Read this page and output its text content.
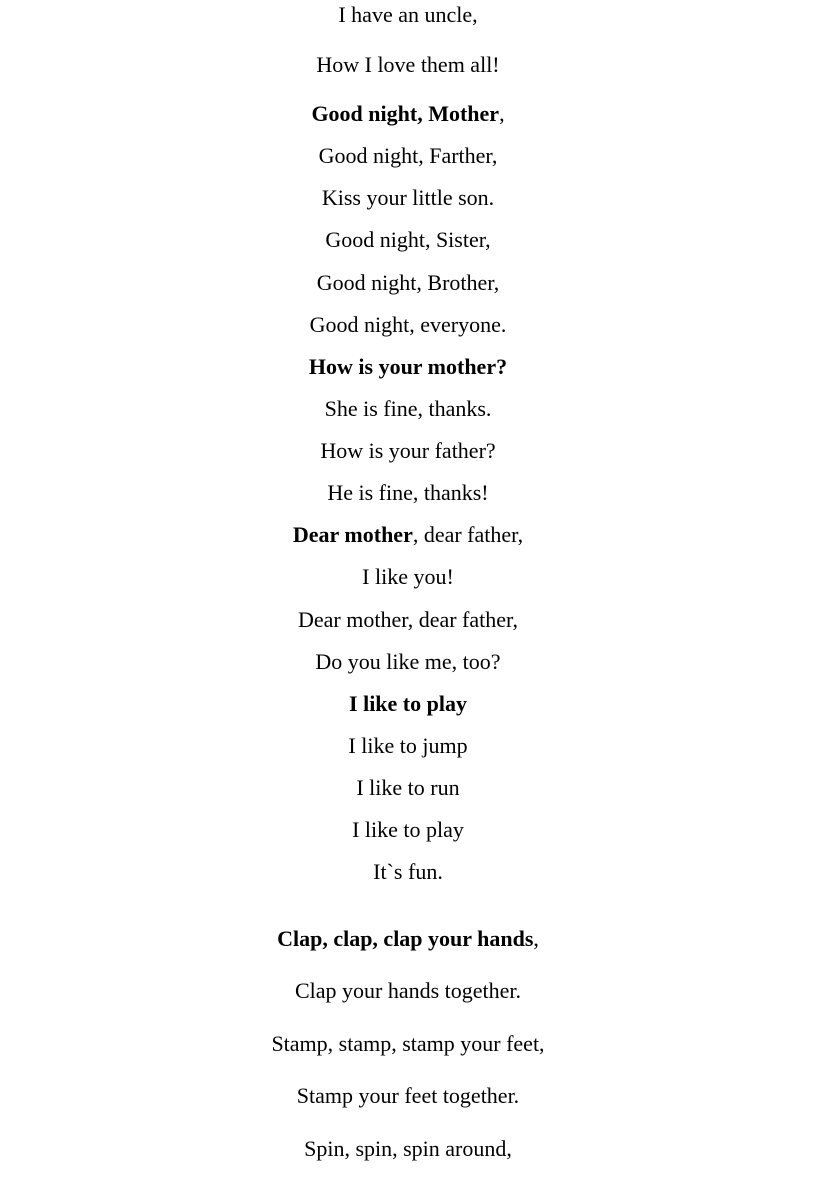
I have an uncle,
How I love them all!
Good night, Mother,
Good night, Farther,
Kiss your little son.
Good night, Sister,
Good night, Brother,
Good night, everyone.
How is your mother?
She is fine, thanks.
How is your father?
He is fine, thanks!
Dear mother, dear father,
I like you!
Dear mother, dear father,
Do you like me, too?
I like to play
I like to jump
I like to run
I like to play
It`s fun.
Clap, clap, clap your hands,
Clap your hands together.
Stamp, stamp, stamp your feet,
Stamp your feet together.
Spin, spin, spin around,
